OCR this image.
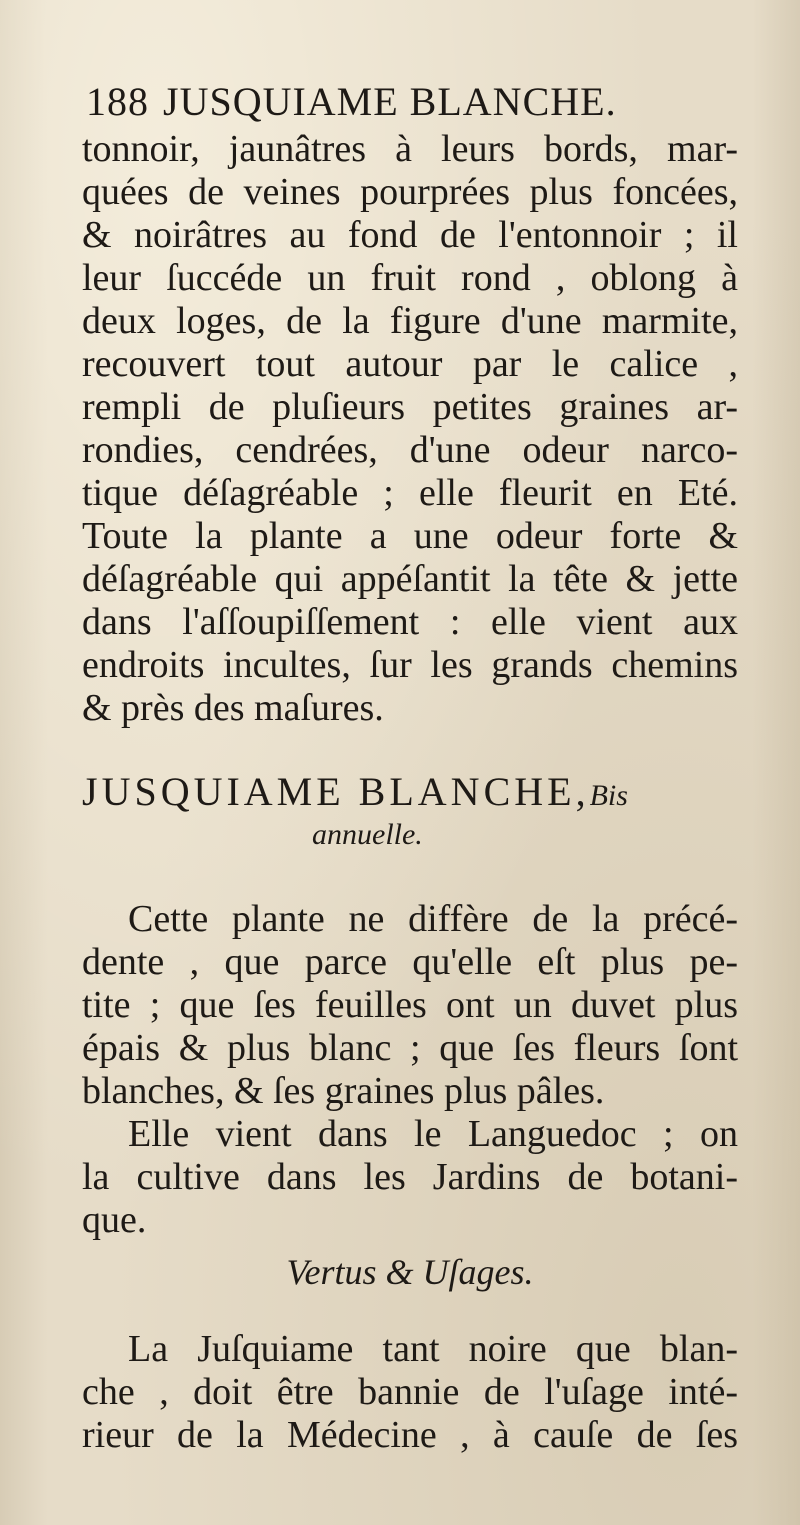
188 JUSQUIAME BLANCHE.
tonnoir, jaunâtres à leurs bords, mar-
quées de veines pourprées plus foncées,
& noirâtres au fond de l'entonnoir ; il
leur ſuccéde un fruit rond , oblong à
deux loges, de la figure d'une marmite,
recouvert tout autour par le calice ,
rempli de pluſieurs petites graines ar-
rondies, cendrées, d'une odeur narco-
tique déſagréable ; elle fleurit en Eté.
Toute la plante a une odeur forte &
déſagréable qui appéſantit la tête & jette
dans l'aſſoupiſſement : elle vient aux
endroits incultes, ſur les grands chemins
& près des maſures.
JUSQUIAME BLANCHE, Bis
annuelle.
Cette plante ne diffère de la précé-
dente , que parce qu'elle eſt plus pe-
tite ; que ſes feuilles ont un duvet plus
épais & plus blanc ; que ſes fleurs ſont
blanches, & ſes graines plus pâles.
Elle vient dans le Languedoc ; on
la cultive dans les Jardins de botani-
que.
Vertus & Uſages.
La Juſquiame tant noire que blan-
che , doit être bannie de l'uſage inté-
rieur de la Médecine , à cauſe de ſes
